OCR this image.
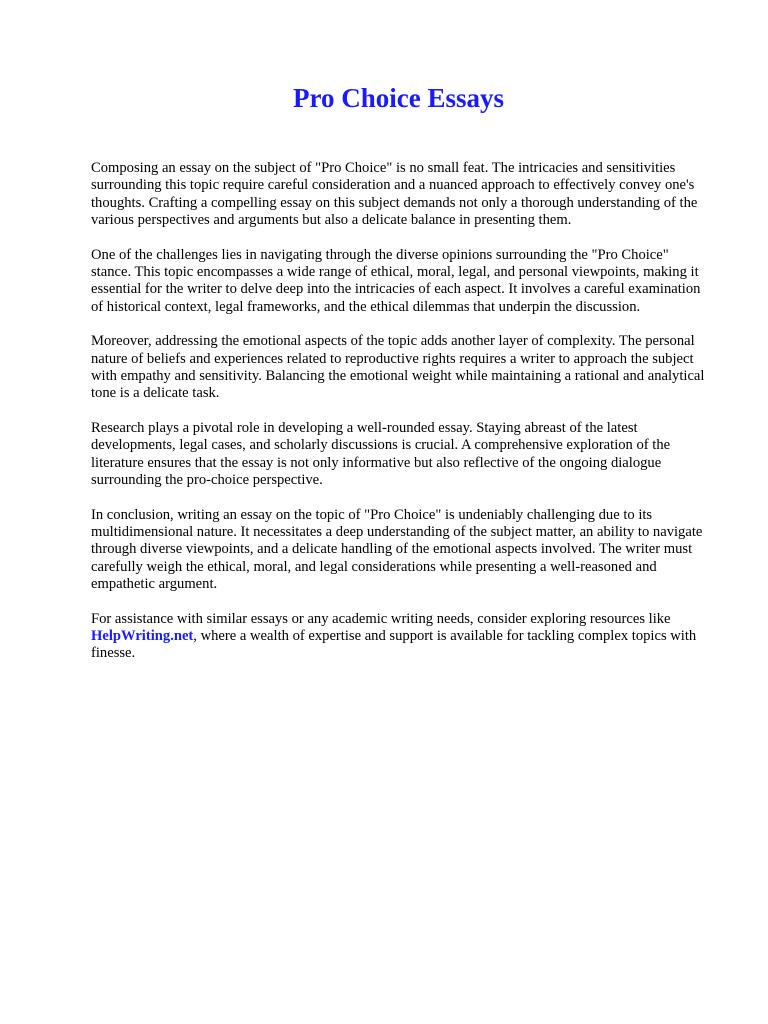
Pro Choice Essays

Composing an essay on the subject of "Pro Choice" is no small feat. The intricacies and sensitivities surrounding this topic require careful consideration and a nuanced approach to effectively convey one's thoughts. Crafting a compelling essay on this subject demands not only a thorough understanding of the various perspectives and arguments but also a delicate balance in presenting them.

One of the challenges lies in navigating through the diverse opinions surrounding the "Pro Choice" stance. This topic encompasses a wide range of ethical, moral, legal, and personal viewpoints, making it essential for the writer to delve deep into the intricacies of each aspect. It involves a careful examination of historical context, legal frameworks, and the ethical dilemmas that underpin the discussion.

Moreover, addressing the emotional aspects of the topic adds another layer of complexity. The personal nature of beliefs and experiences related to reproductive rights requires a writer to approach the subject with empathy and sensitivity. Balancing the emotional weight while maintaining a rational and analytical tone is a delicate task.

Research plays a pivotal role in developing a well-rounded essay. Staying abreast of the latest developments, legal cases, and scholarly discussions is crucial. A comprehensive exploration of the literature ensures that the essay is not only informative but also reflective of the ongoing dialogue surrounding the pro-choice perspective.

In conclusion, writing an essay on the topic of "Pro Choice" is undeniably challenging due to its multidimensional nature. It necessitates a deep understanding of the subject matter, an ability to navigate through diverse viewpoints, and a delicate handling of the emotional aspects involved. The writer must carefully weigh the ethical, moral, and legal considerations while presenting a well-reasoned and empathetic argument.

For assistance with similar essays or any academic writing needs, consider exploring resources like HelpWriting.net, where a wealth of expertise and support is available for tackling complex topics with finesse.
